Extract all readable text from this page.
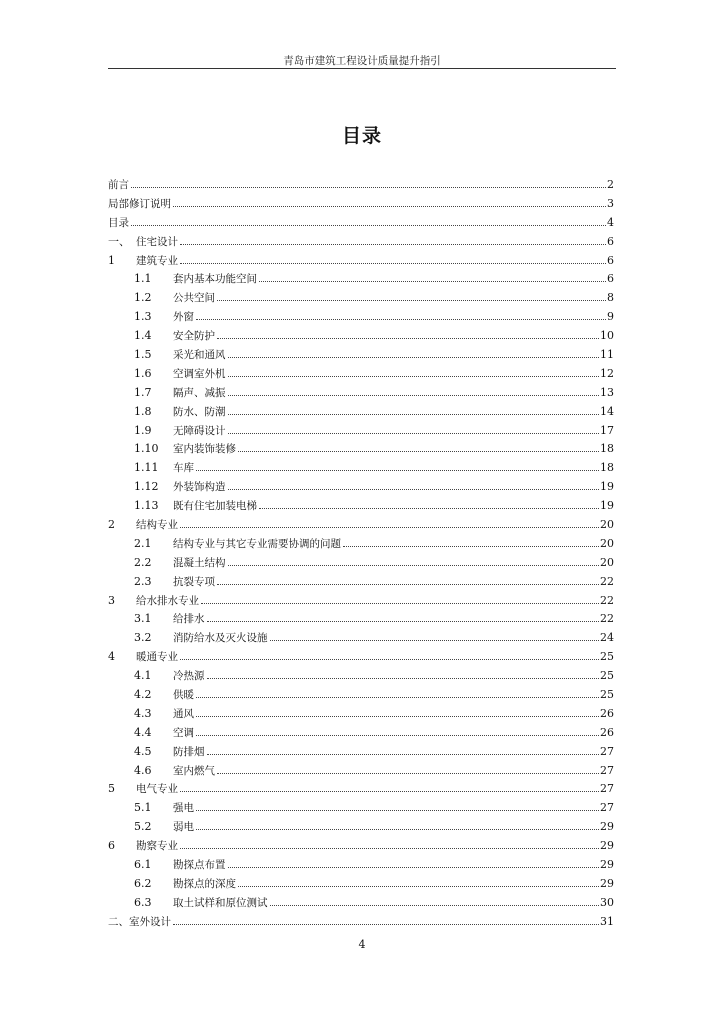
青岛市建筑工程设计质量提升指引
目录
前言	2
局部修订说明	3
目录	4
一、 住宅设计	6
1	建筑专业	6
1.1	套内基本功能空间	6
1.2	公共空间	8
1.3	外窗	9
1.4	安全防护	10
1.5	采光和通风	11
1.6	空调室外机	12
1.7	隔声、减振	13
1.8	防水、防潮	14
1.9	无障碍设计	17
1.10	室内装饰装修	18
1.11	车库	18
1.12	外装饰构造	19
1.13	既有住宅加装电梯	19
2	结构专业	20
2.1	结构专业与其它专业需要协调的问题	20
2.2	混凝土结构	20
2.3	抗裂专项	22
3	给水排水专业	22
3.1	给排水	22
3.2	消防给水及灭火设施	24
4	暖通专业	25
4.1	冷热源	25
4.2	供暖	25
4.3	通风	26
4.4	空调	26
4.5	防排烟	27
4.6	室内燃气	27
5	电气专业	27
5.1	强电	27
5.2	弱电	29
6	勘察专业	29
6.1	勘探点布置	29
6.2	勘探点的深度	29
6.3	取土试样和原位测试	30
二、室外设计	31
4
